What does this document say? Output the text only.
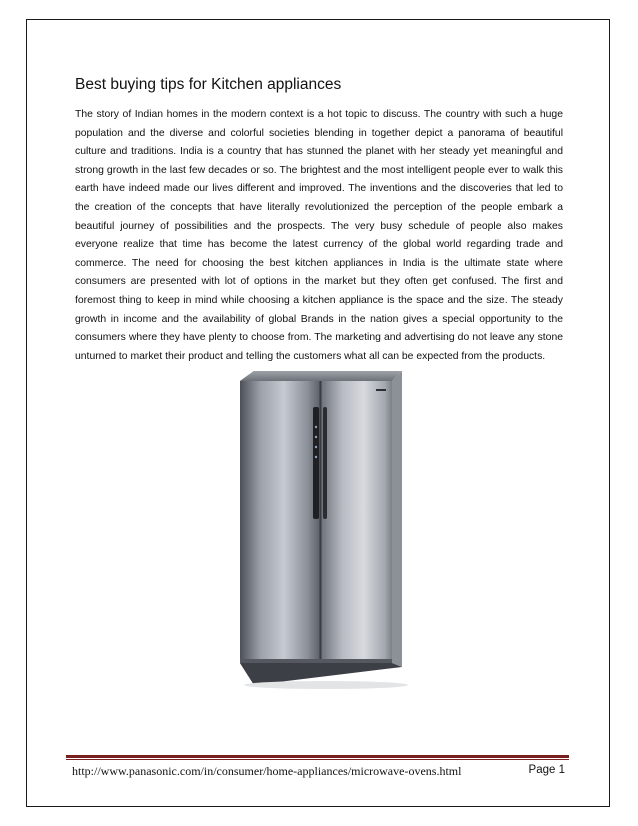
Best buying tips for Kitchen appliances

The story of Indian homes in the modern context is a hot topic to discuss. The country with such a huge population and the diverse and colorful societies blending in together depict a panorama of beautiful culture and traditions. India is a country that has stunned the planet with her steady yet meaningful and strong growth in the last few decades or so. The brightest and the most intelligent people ever to walk this earth have indeed made our lives different and improved. The inventions and the discoveries that led to the creation of the concepts that have literally revolutionized the perception of the people embark a beautiful journey of possibilities and the prospects. The very busy schedule of people also makes everyone realize that time has become the latest currency of the global world regarding trade and commerce. The need for choosing the best kitchen appliances in India is the ultimate state where consumers are presented with lot of options in the market but they often get confused. The first and foremost thing to keep in mind while choosing a kitchen appliance is the space and the size. The steady growth in income and the availability of global Brands in the nation gives a special opportunity to the consumers where they have plenty to choose from. The marketing and advertising do not leave any stone unturned to market their product and telling the customers what all can be expected from the products.

http://www.panasonic.com/in/consumer/home-appliances/microwave-ovens.html	Page 1
